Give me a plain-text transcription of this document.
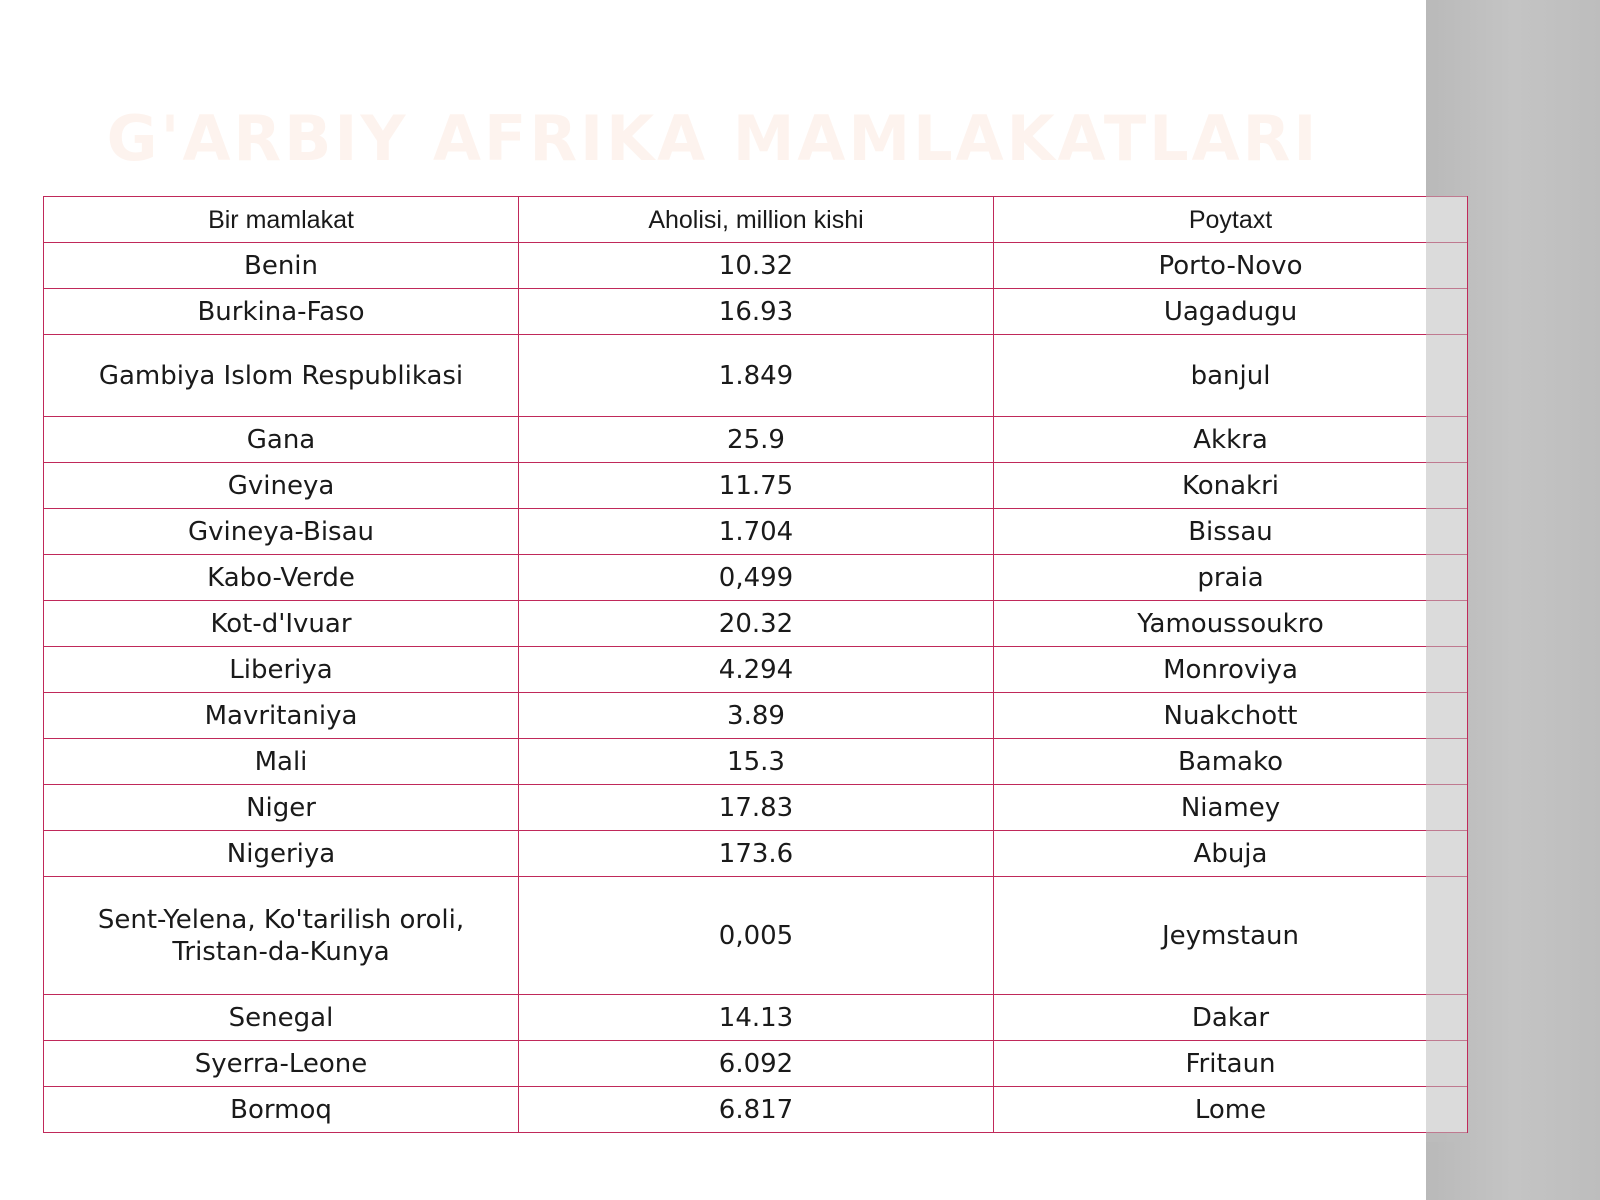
G'ARBIY AFRIKA MAMLAKATLARI
Bir mamlakat	Aholisi, million kishi	Poytaxt
Benin	10.32	Porto-Novo
Burkina-Faso	16.93	Uagadugu
Gambiya Islom Respublikasi	1.849	banjul
Gana	25.9	Akkra
Gvineya	11.75	Konakri
Gvineya-Bisau	1.704	Bissau
Kabo-Verde	0,499	praia
Kot-d'Ivuar	20.32	Yamoussoukro
Liberiya	4.294	Monroviya
Mavritaniya	3.89	Nuakchott
Mali	15.3	Bamako
Niger	17.83	Niamey
Nigeriya	173.6	Abuja
Sent-Yelena, Ko'tarilish oroli, Tristan-da-Kunya	0,005	Jeymstaun
Senegal	14.13	Dakar
Syerra-Leone	6.092	Fritaun
Bormoq	6.817	Lome
